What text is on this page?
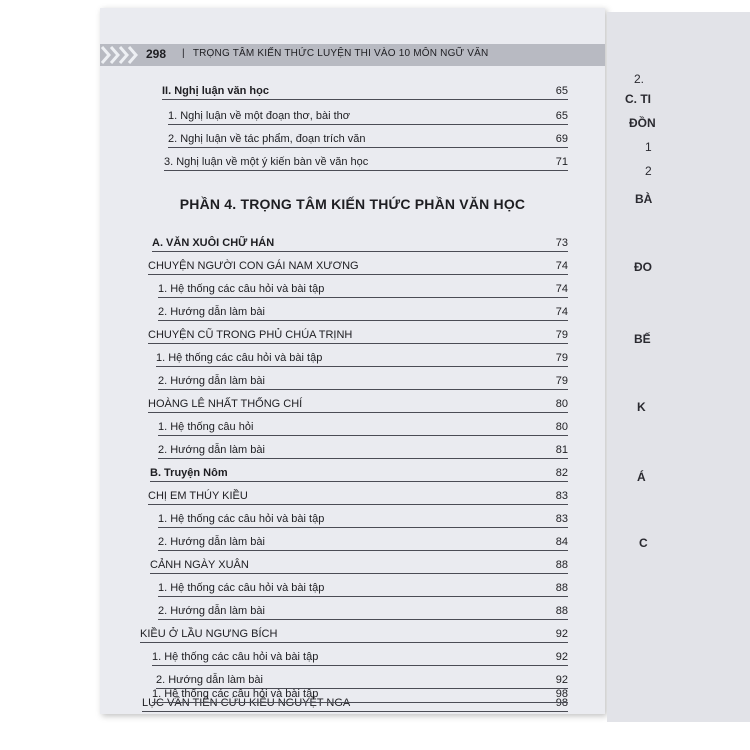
298 | TRỌNG TÂM KIẾN THỨC LUYỆN THI VÀO 10 MÔN NGỮ VĂN
II. Nghị luận văn học	65
1. Nghị luận về một đoạn thơ, bài thơ	65
2. Nghị luận về tác phẩm, đoạn trích văn	69
3. Nghị luận về một ý kiến bàn về văn học	71
PHẦN 4. TRỌNG TÂM KIẾN THỨC PHẦN VĂN HỌC
A. VĂN XUÔI CHỮ HÁN	73
CHUYỆN NGƯỜI CON GÁI NAM XƯƠNG	74
1. Hệ thống các câu hỏi và bài tập	74
2. Hướng dẫn làm bài	74
CHUYỆN CŨ TRONG PHỦ CHÚA TRỊNH	79
1. Hệ thống các câu hỏi và bài tập	79
2. Hướng dẫn làm bài	79
HOÀNG LÊ NHẤT THỐNG CHÍ	80
1. Hệ thống câu hỏi	80
2. Hướng dẫn làm bài	81
B. Truyện Nôm	82
CHỊ EM THÚY KIỀU	83
1. Hệ thống các câu hỏi và bài tập	83
2. Hướng dẫn làm bài	84
CẢNH NGÀY XUÂN	88
1. Hệ thống các câu hỏi và bài tập	88
2. Hướng dẫn làm bài	88
KIỀU Ở LẦU NGƯNG BÍCH	92
1. Hệ thống các câu hỏi và bài tập	92
2. Hướng dẫn làm bài	92
LỤC VÂN TIÊN CỨU KIỀU NGUYỆT NGA	98
1. Hệ thống các câu hỏi và bài tập	98
2.
C. TI
ĐỒN
1
2
BÀ
ĐO
BẾ
K
Á
C
